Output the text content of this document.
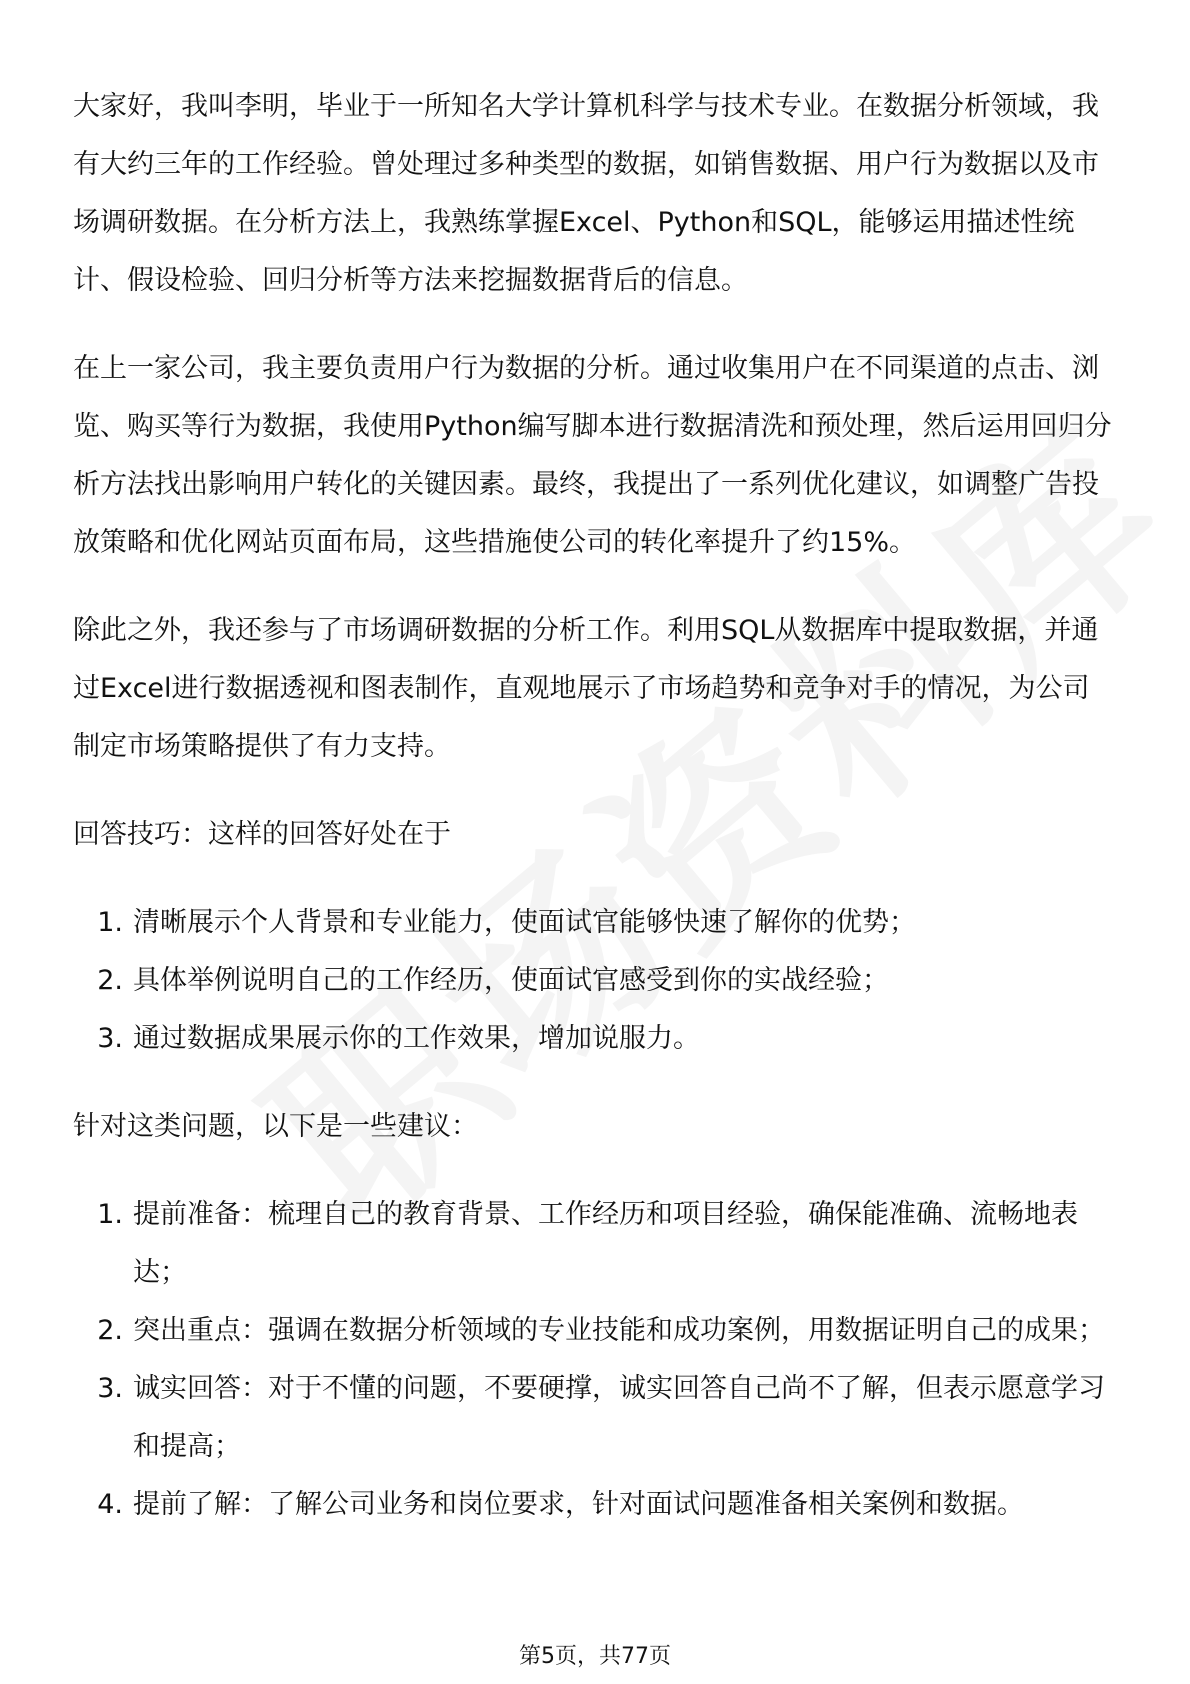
大家好，我叫李明，毕业于一所知名大学计算机科学与技术专业。在数据分析领域，我有大约三年的工作经验。曾处理过多种类型的数据，如销售数据、用户行为数据以及市场调研数据。在分析方法上，我熟练掌握Excel、Python和SQL，能够运用描述性统计、假设检验、回归分析等方法来挖掘数据背后的信息。

在上一家公司，我主要负责用户行为数据的分析。通过收集用户在不同渠道的点击、浏览、购买等行为数据，我使用Python编写脚本进行数据清洗和预处理，然后运用回归分析方法找出影响用户转化的关键因素。最终，我提出了一系列优化建议，如调整广告投放策略和优化网站页面布局，这些措施使公司的转化率提升了约15%。

除此之外，我还参与了市场调研数据的分析工作。利用SQL从数据库中提取数据，并通过Excel进行数据透视和图表制作，直观地展示了市场趋势和竞争对手的情况，为公司制定市场策略提供了有力支持。

回答技巧：这样的回答好处在于

1. 清晰展示个人背景和专业能力，使面试官能够快速了解你的优势；
2. 具体举例说明自己的工作经历，使面试官感受到你的实战经验；
3. 通过数据成果展示你的工作效果，增加说服力。

针对这类问题，以下是一些建议：

1. 提前准备：梳理自己的教育背景、工作经历和项目经验，确保能准确、流畅地表达；
2. 突出重点：强调在数据分析领域的专业技能和成功案例，用数据证明自己的成果；
3. 诚实回答：对于不懂的问题，不要硬撑，诚实回答自己尚不了解，但表示愿意学习和提高；
4. 提前了解：了解公司业务和岗位要求，针对面试问题准备相关案例和数据。
第5页，共77页
